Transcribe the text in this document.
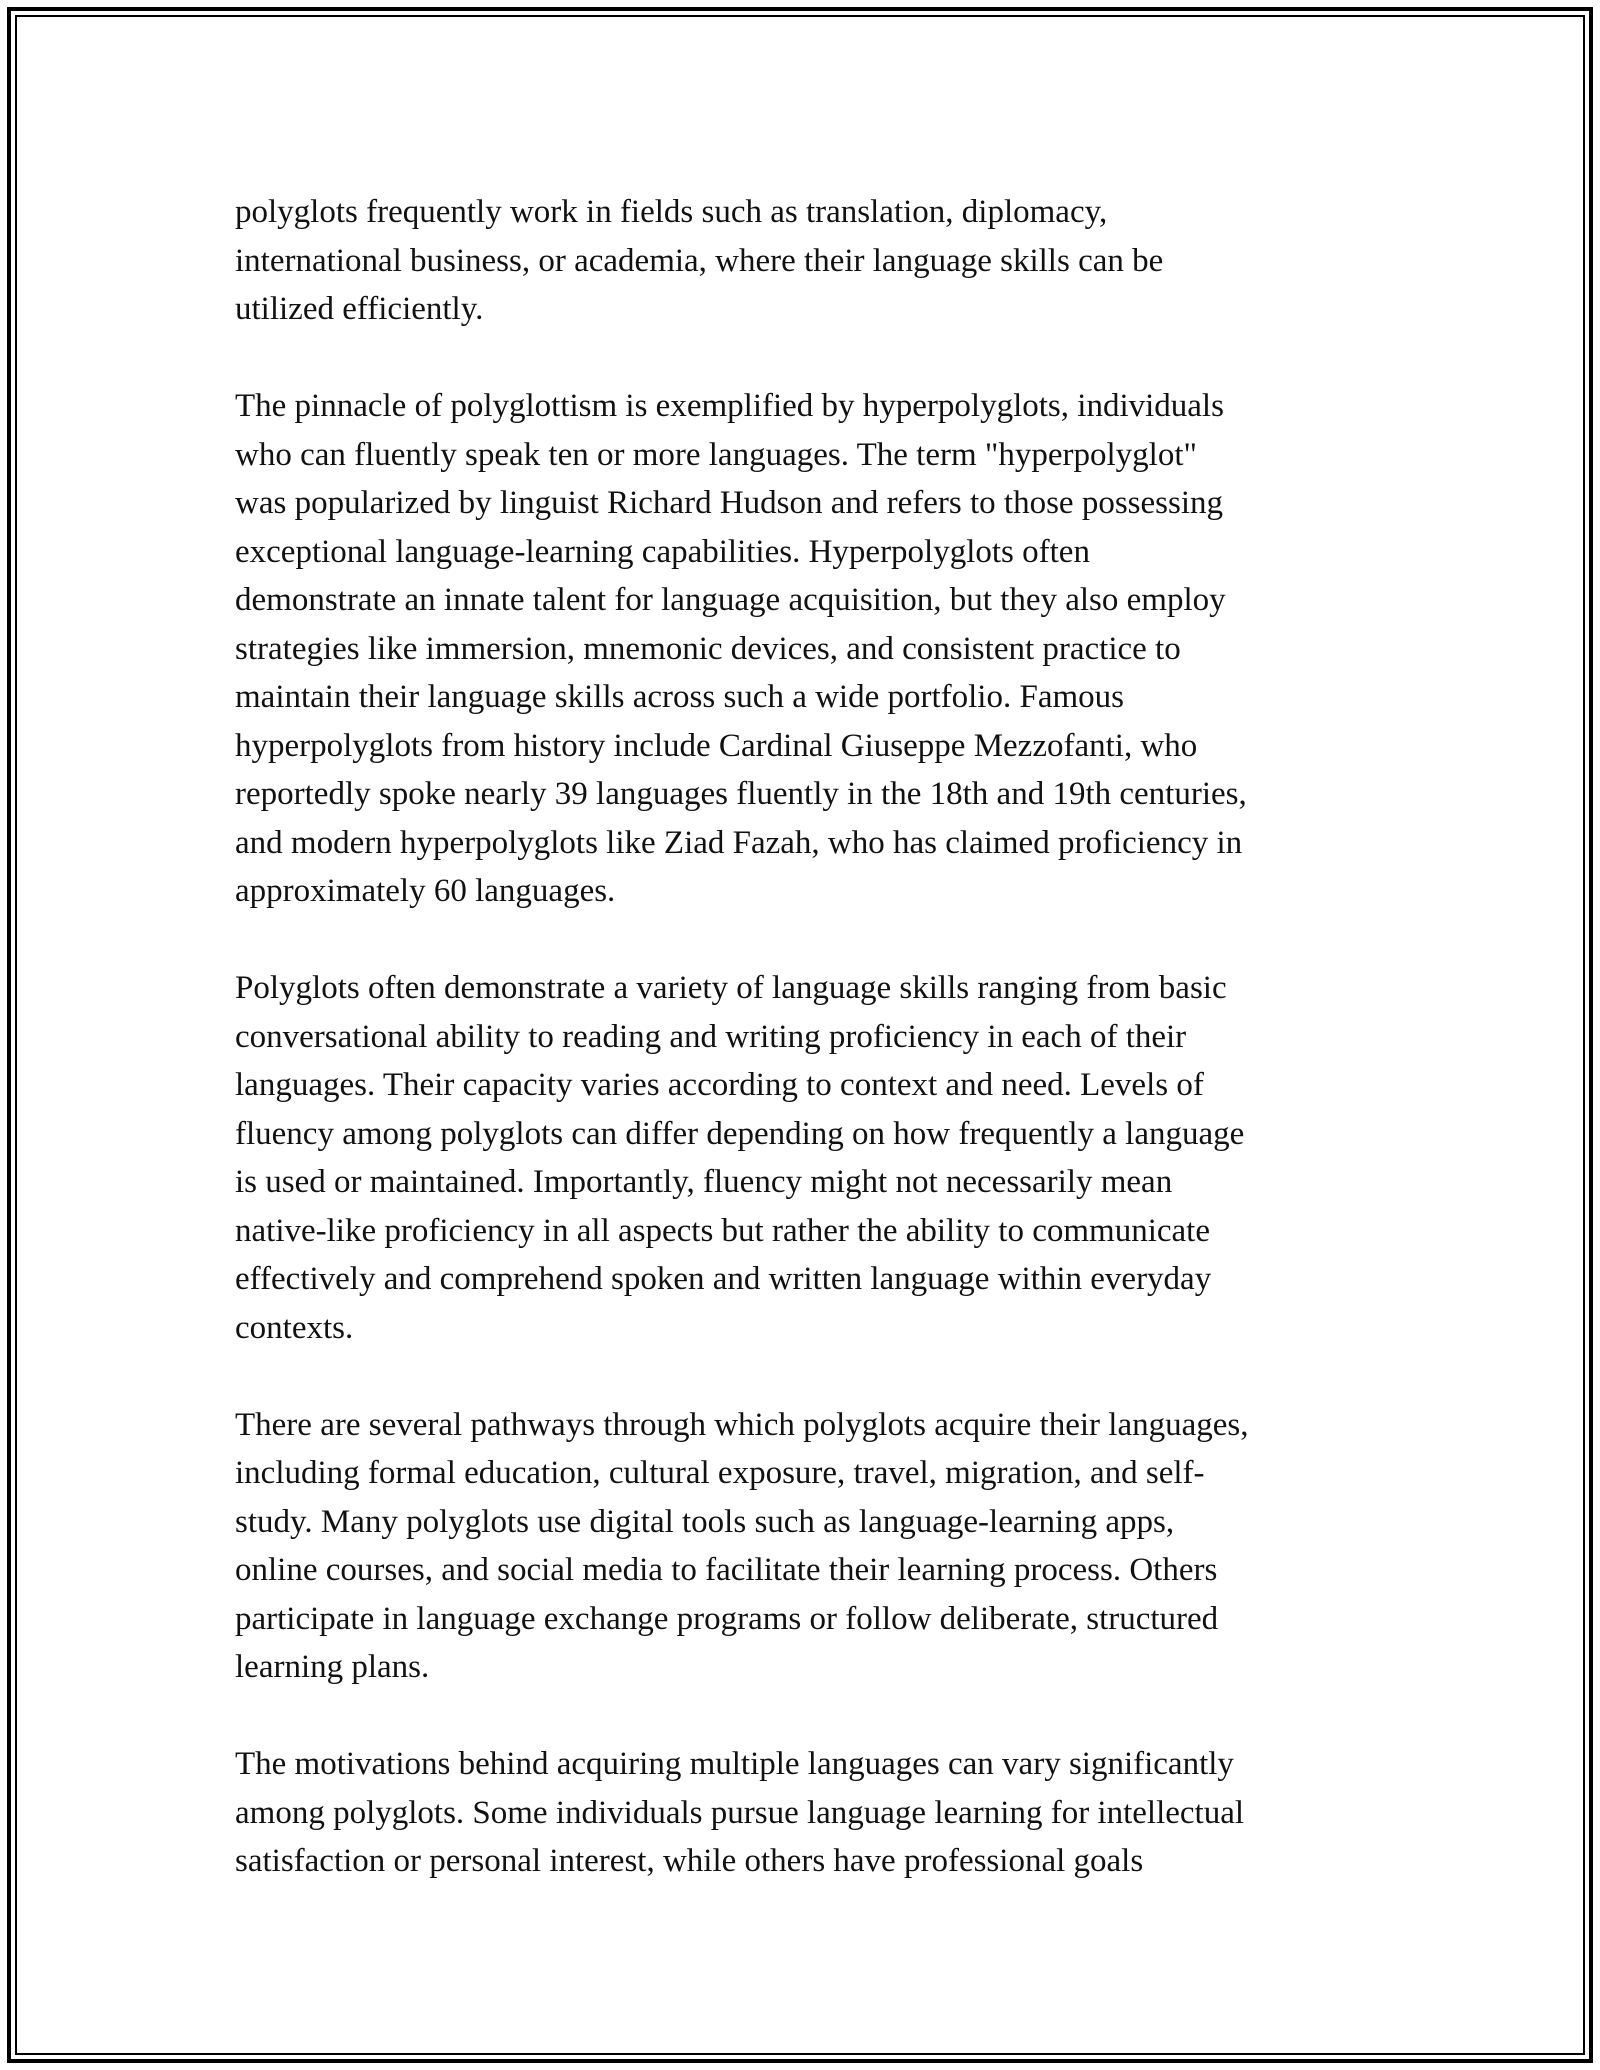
polyglots frequently work in fields such as translation, diplomacy,
international business, or academia, where their language skills can be
utilized efficiently.

The pinnacle of polyglottism is exemplified by hyperpolyglots, individuals
who can fluently speak ten or more languages. The term "hyperpolyglot"
was popularized by linguist Richard Hudson and refers to those possessing
exceptional language-learning capabilities. Hyperpolyglots often
demonstrate an innate talent for language acquisition, but they also employ
strategies like immersion, mnemonic devices, and consistent practice to
maintain their language skills across such a wide portfolio. Famous
hyperpolyglots from history include Cardinal Giuseppe Mezzofanti, who
reportedly spoke nearly 39 languages fluently in the 18th and 19th centuries,
and modern hyperpolyglots like Ziad Fazah, who has claimed proficiency in
approximately 60 languages.

Polyglots often demonstrate a variety of language skills ranging from basic
conversational ability to reading and writing proficiency in each of their
languages. Their capacity varies according to context and need. Levels of
fluency among polyglots can differ depending on how frequently a language
is used or maintained. Importantly, fluency might not necessarily mean
native-like proficiency in all aspects but rather the ability to communicate
effectively and comprehend spoken and written language within everyday
contexts.

There are several pathways through which polyglots acquire their languages,
including formal education, cultural exposure, travel, migration, and self-
study. Many polyglots use digital tools such as language-learning apps,
online courses, and social media to facilitate their learning process. Others
participate in language exchange programs or follow deliberate, structured
learning plans.

The motivations behind acquiring multiple languages can vary significantly
among polyglots. Some individuals pursue language learning for intellectual
satisfaction or personal interest, while others have professional goals
